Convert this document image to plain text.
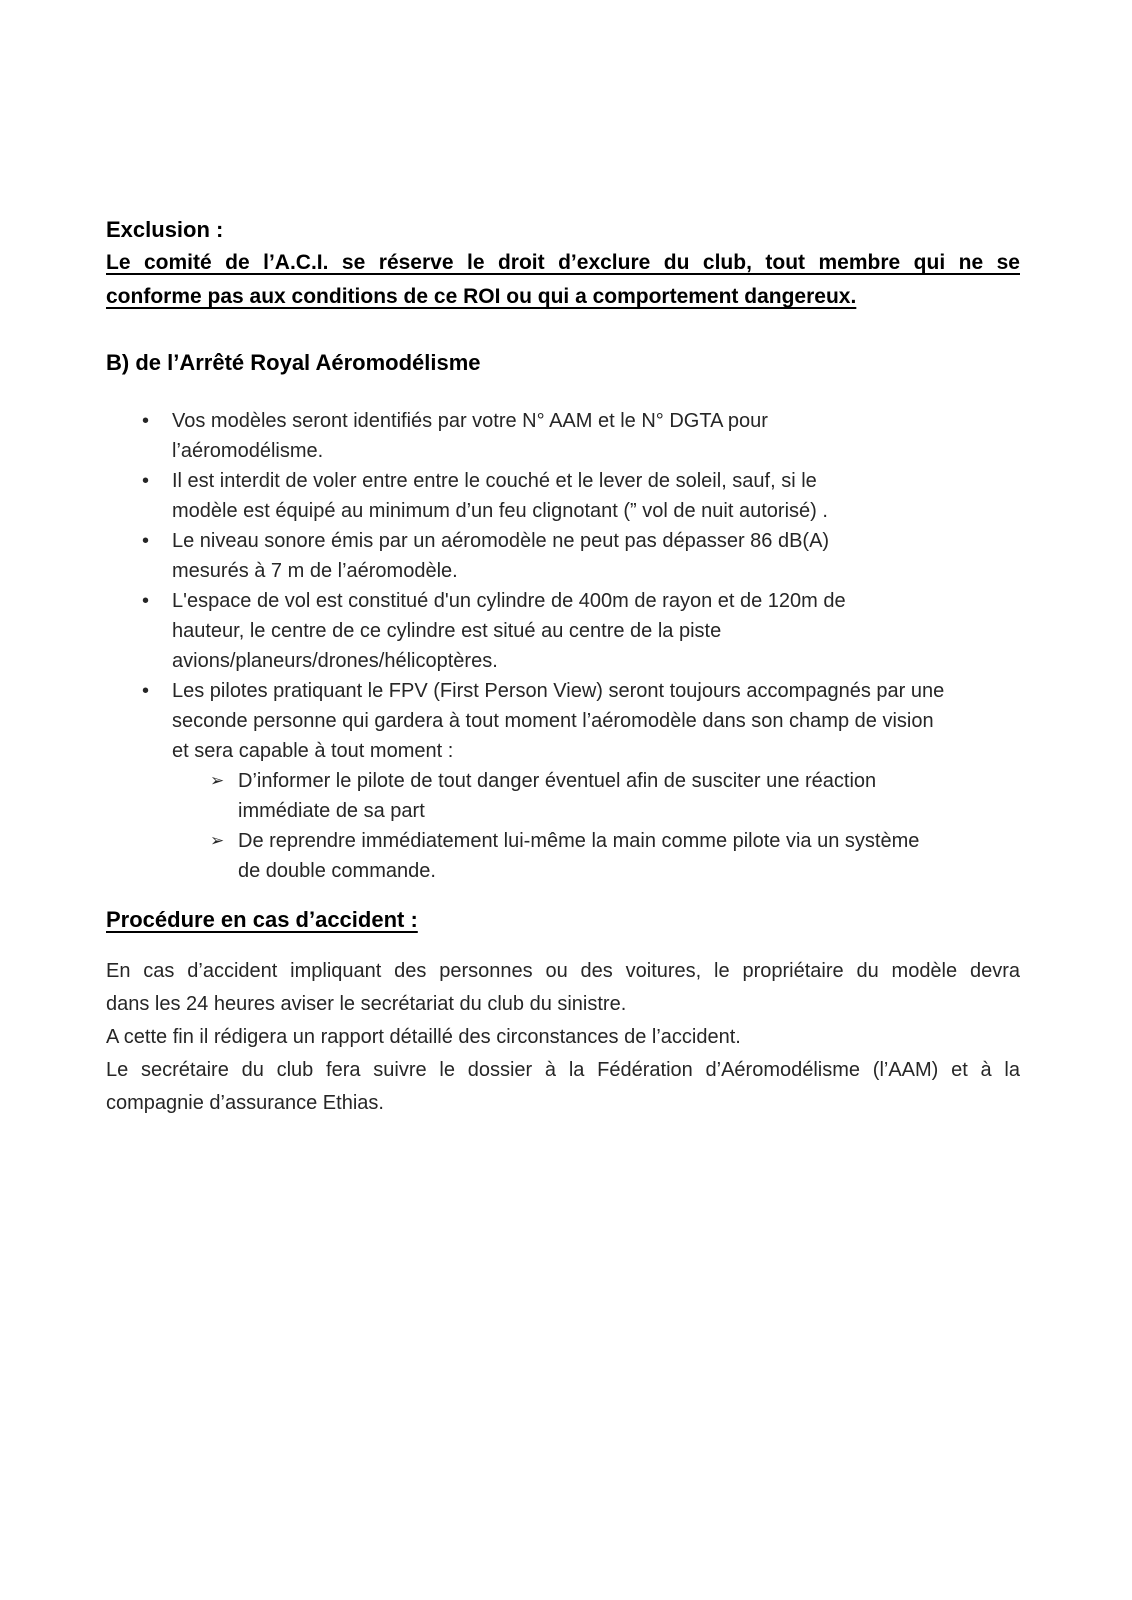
Exclusion :
Le comité de l’A.C.I. se réserve le droit d’exclure du club, tout membre qui ne se
conforme pas aux conditions de ce ROI ou qui a comportement dangereux.
B) de l’Arrêté Royal Aéromodélisme
•	Vos modèles seront identifiés par votre N° AAM et le N° DGTA pour
l’aéromodélisme.
•	Il est interdit de voler entre entre le couché et le lever de soleil, sauf, si le
modèle est équipé au minimum d’un feu clignotant (” vol de nuit autorisé) .
•	Le niveau sonore émis par un aéromodèle ne peut pas dépasser 86 dB(A)
mesurés à 7 m de l’aéromodèle.
•	L'espace de vol est constitué d'un cylindre de 400m de rayon et de 120m de
hauteur, le centre de ce cylindre est situé au centre de la piste
avions/planeurs/drones/hélicoptères.
•	Les pilotes pratiquant le FPV (First Person View) seront toujours accompagnés par une
seconde personne qui gardera à tout moment l’aéromodèle dans son champ de vision
et sera capable à tout moment :
➢ D’informer le pilote de tout danger éventuel afin de susciter une réaction
immédiate de sa part
➢ De reprendre immédiatement lui-même la main comme pilote via un système
de double commande.
Procédure en cas d’accident :
En cas d’accident impliquant des personnes ou des voitures, le propriétaire du modèle devra
dans les 24 heures aviser le secrétariat du club du sinistre.
A cette fin il rédigera un rapport détaillé des circonstances de l’accident.
Le secrétaire du club fera suivre le dossier à la Fédération d’Aéromodélisme (l’AAM) et à la
compagnie d’assurance Ethias.
